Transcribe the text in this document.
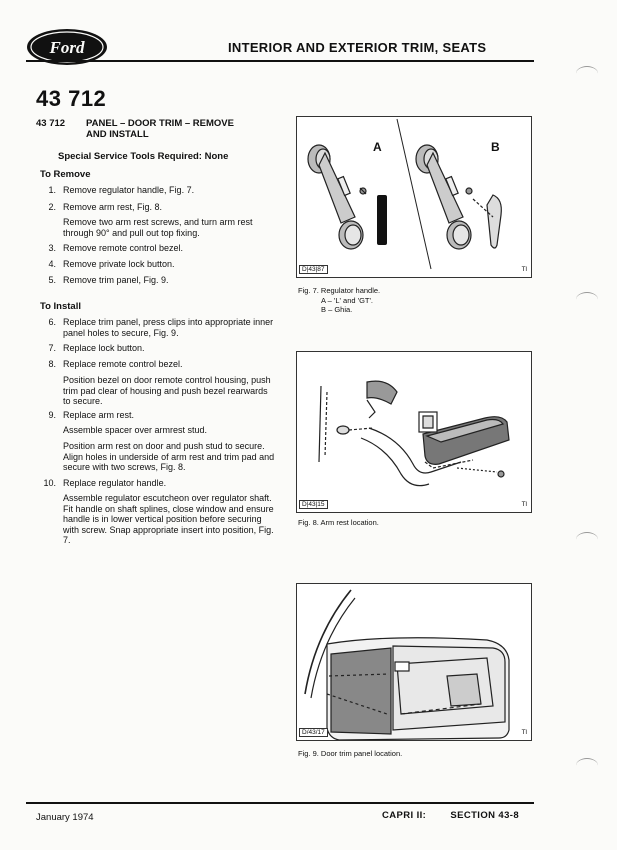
Ford	INTERIOR AND EXTERIOR TRIM, SEATS
43 712
43 712 PANEL – DOOR TRIM – REMOVE
AND INSTALL
Special Service Tools Required: None
To Remove
1. Remove regulator handle, Fig. 7.
2. Remove arm rest, Fig. 8.
Remove two arm rest screws, and turn arm rest through 90° and pull out top fixing.
3. Remove remote control bezel.
4. Remove private lock button.
5. Remove trim panel, Fig. 9.
To Install
6. Replace trim panel, press clips into appropriate inner panel holes to secure, Fig. 9.
7. Replace lock button.
8. Replace remote control bezel.
Position bezel on door remote control housing, push trim pad clear of housing and push bezel rearwards to secure.
9. Replace arm rest.
Assemble spacer over armrest stud.
Position arm rest on door and push stud to secure. Align holes in underside of arm rest and trim pad and secure with two screws, Fig. 8.
10. Replace regulator handle.
Assemble regulator escutcheon over regulator shaft. Fit handle on shaft splines, close window and ensure handle is in lower vertical position before securing with screw. Snap appropriate insert into position, Fig. 7.
A	B
D|43|87	Tl
Fig. 7. Regulator handle.
A – 'L' and 'GT'.
B – Ghia.
D|43|15	Tl
Fig. 8. Arm rest location.
D/43/17	Tl
Fig. 9. Door trim panel location.
January 1974	CAPRI II:	SECTION 43-8
